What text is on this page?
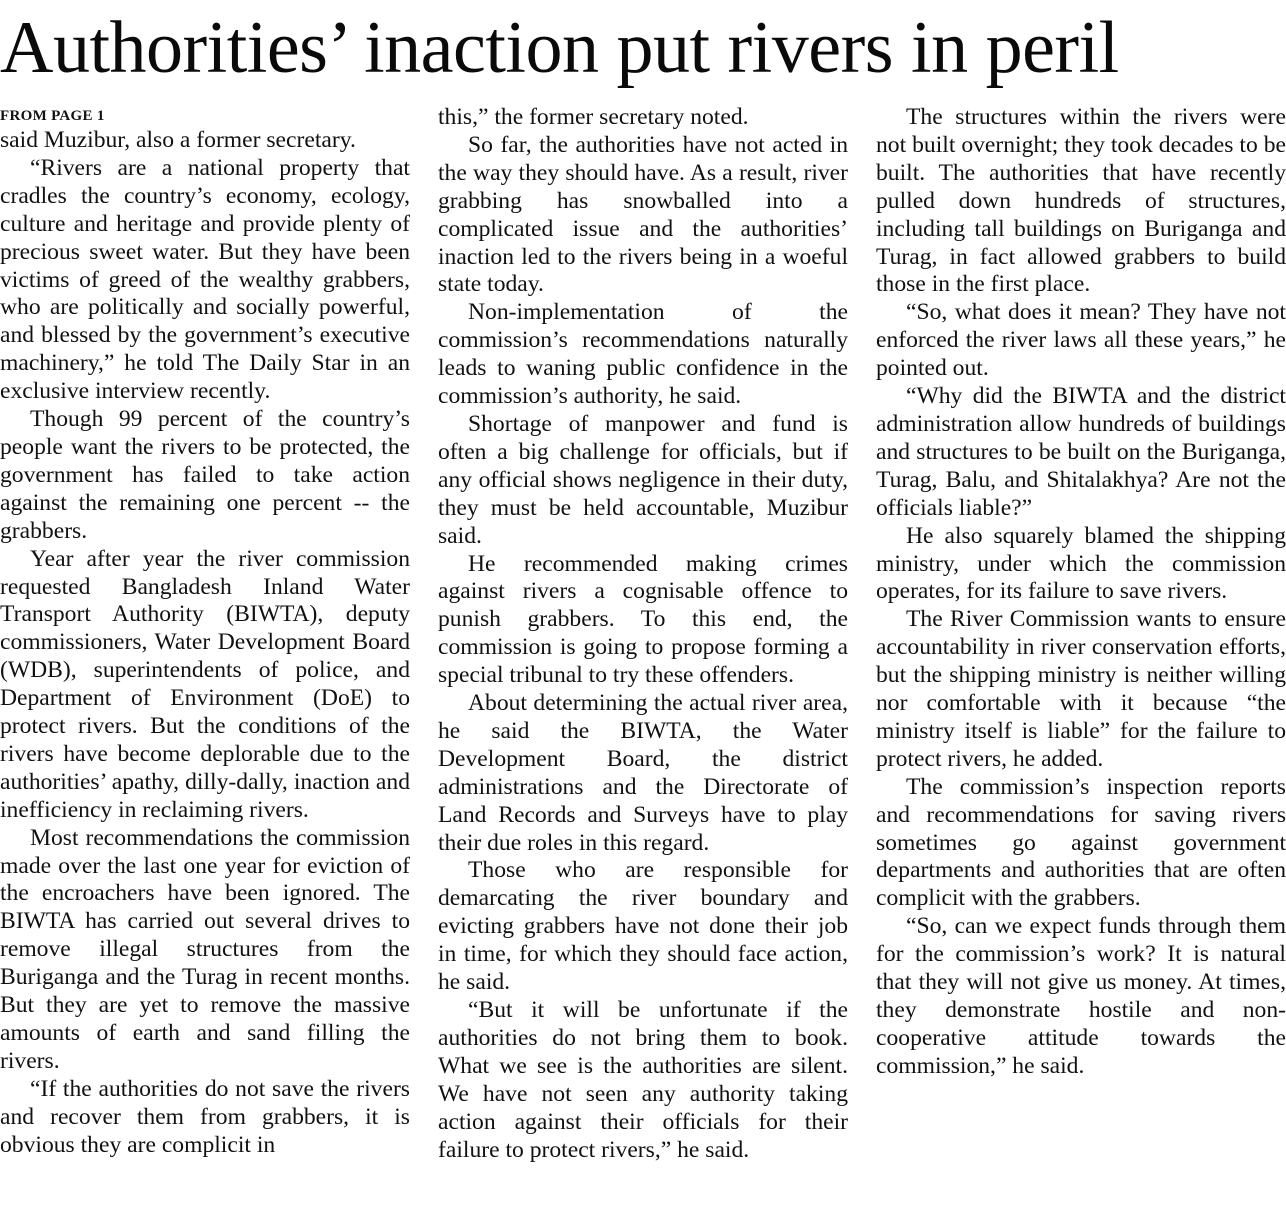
Authorities’ inaction put rivers in peril
FROM PAGE 1

said Muzibur, also a former secretary.

“Rivers are a national property that cradles the country’s economy, ecology, culture and heritage and provide plenty of precious sweet water. But they have been victims of greed of the wealthy grabbers, who are politically and socially powerful, and blessed by the government’s executive machinery,” he told The Daily Star in an exclusive interview recently.

Though 99 percent of the country’s people want the rivers to be protected, the government has failed to take action against the remaining one percent -- the grabbers.

Year after year the river commission requested Bangladesh Inland Water Transport Authority (BIWTA), deputy commissioners, Water Development Board (WDB), superintendents of police, and Department of Environment (DoE) to protect rivers. But the conditions of the rivers have become deplorable due to the authorities’ apathy, dilly-dally, inaction and inefficiency in reclaiming rivers.

Most recommendations the commission made over the last one year for eviction of the encroachers have been ignored. The BIWTA has carried out several drives to remove illegal structures from the Buriganga and the Turag in recent months. But they are yet to remove the massive amounts of earth and sand filling the rivers.

“If the authorities do not save the rivers and recover them from grabbers, it is obvious they are complicit in

this,” the former secretary noted.

So far, the authorities have not acted in the way they should have. As a result, river grabbing has snowballed into a complicated issue and the authorities’ inaction led to the rivers being in a woeful state today.

Non-implementation of the commission’s recommendations naturally leads to waning public confidence in the commission’s authority, he said.

Shortage of manpower and fund is often a big challenge for officials, but if any official shows negligence in their duty, they must be held accountable, Muzibur said.

He recommended making crimes against rivers a cognisable offence to punish grabbers. To this end, the commission is going to propose forming a special tribunal to try these offenders.

About determining the actual river area, he said the BIWTA, the Water Development Board, the district administrations and the Directorate of Land Records and Surveys have to play their due roles in this regard.

Those who are responsible for demarcating the river boundary and evicting grabbers have not done their job in time, for which they should face action, he said.

“But it will be unfortunate if the authorities do not bring them to book. What we see is the authorities are silent. We have not seen any authority taking action against their officials for their failure to protect rivers,” he said.

The structures within the rivers were not built overnight; they took decades to be built. The authorities that have recently pulled down hundreds of structures, including tall buildings on Buriganga and Turag, in fact allowed grabbers to build those in the first place.

“So, what does it mean? They have not enforced the river laws all these years,” he pointed out.

“Why did the BIWTA and the district administration allow hundreds of buildings and structures to be built on the Buriganga, Turag, Balu, and Shitalakhya? Are not the officials liable?”

He also squarely blamed the shipping ministry, under which the commission operates, for its failure to save rivers.

The River Commission wants to ensure accountability in river conservation efforts, but the shipping ministry is neither willing nor comfortable with it because “the ministry itself is liable” for the failure to protect rivers, he added.

The commission’s inspection reports and recommendations for saving rivers sometimes go against government departments and authorities that are often complicit with the grabbers.

“So, can we expect funds through them for the commission’s work? It is natural that they will not give us money. At times, they demonstrate hostile and non-cooperative attitude towards the commission,” he said.
